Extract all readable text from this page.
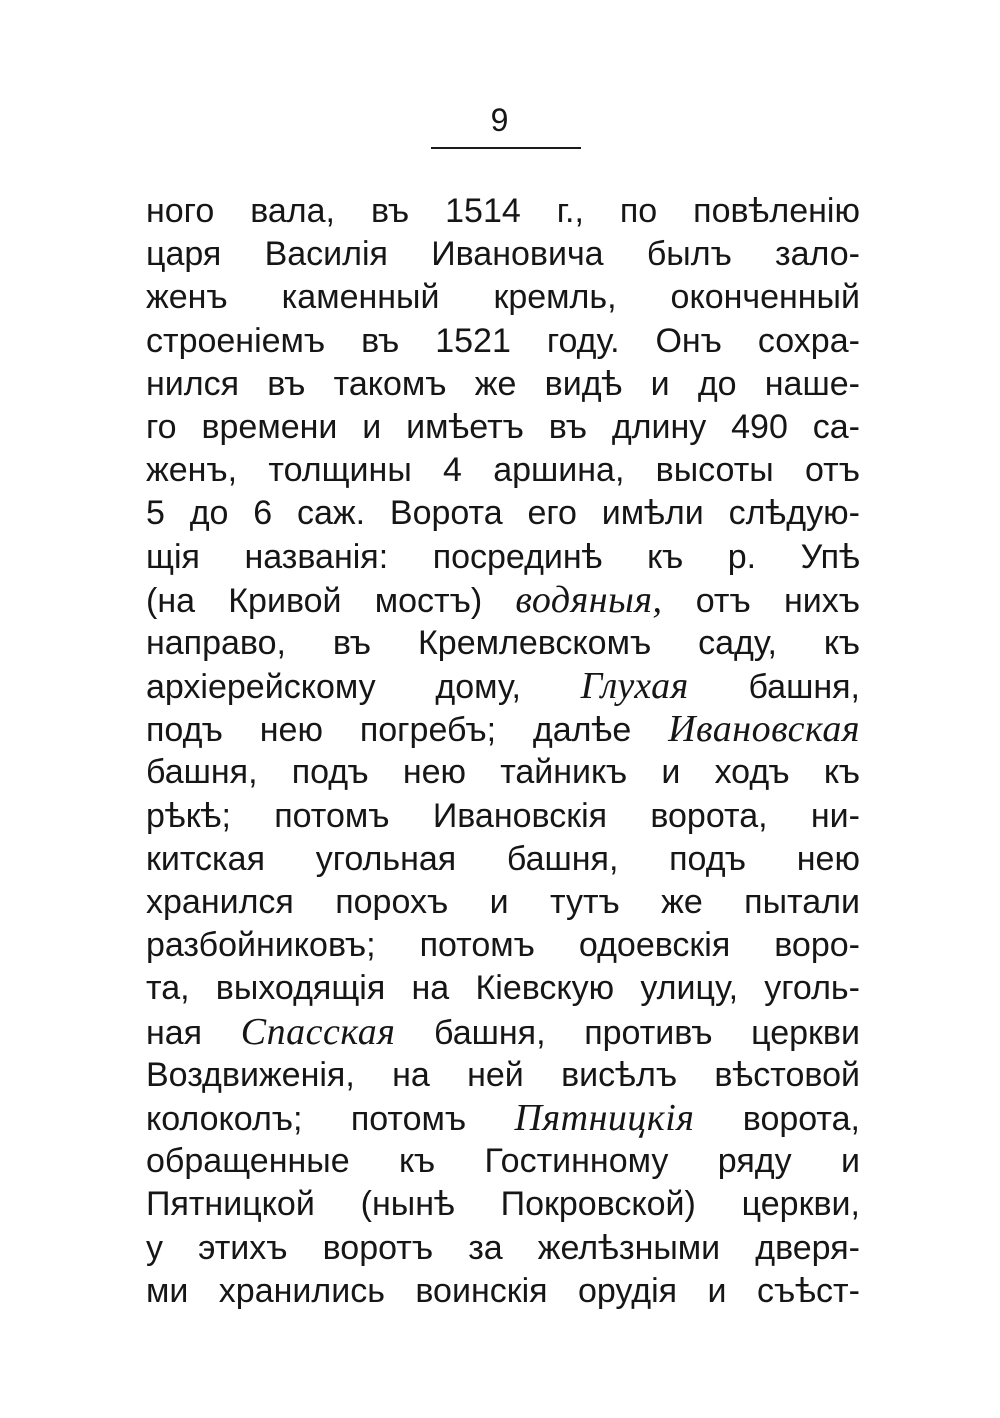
9
ного вала, въ 1514 г., по повѣленію
царя Василія Ивановича былъ зало-
женъ каменный кремль, оконченный
строеніемъ въ 1521 году. Онъ сохра-
нился въ такомъ же видѣ и до наше-
го времени и имѣетъ въ длину 490 са-
женъ, толщины 4 аршина, высоты отъ
5 до 6 саж. Ворота его имѣли слѣдую-
щія названія: посрединѣ къ р. Упѣ
(на Кривой мостъ) водяныя, отъ нихъ
направо, въ Кремлевскомъ саду, къ
архіерейскому дому, Глухая башня,
подъ нею погребъ; далѣе Ивановская
башня, подъ нею тайникъ и ходъ къ
рѣкѣ; потомъ Ивановскія ворота, ни-
китская угольная башня, подъ нею
хранился порохъ и тутъ же пытали
разбойниковъ; потомъ одоевскія воро-
та, выходящія на Кіевскую улицу, уголь-
ная Спасская башня, противъ церкви
Воздвиженія, на ней висѣлъ вѣстовой
колоколъ; потомъ Пятницкія ворота,
обращенные къ Гостинному ряду и
Пятницкой (нынѣ Покровской) церкви,
у этихъ воротъ за желѣзными дверя-
ми хранились воинскія орудія и съѣст-
